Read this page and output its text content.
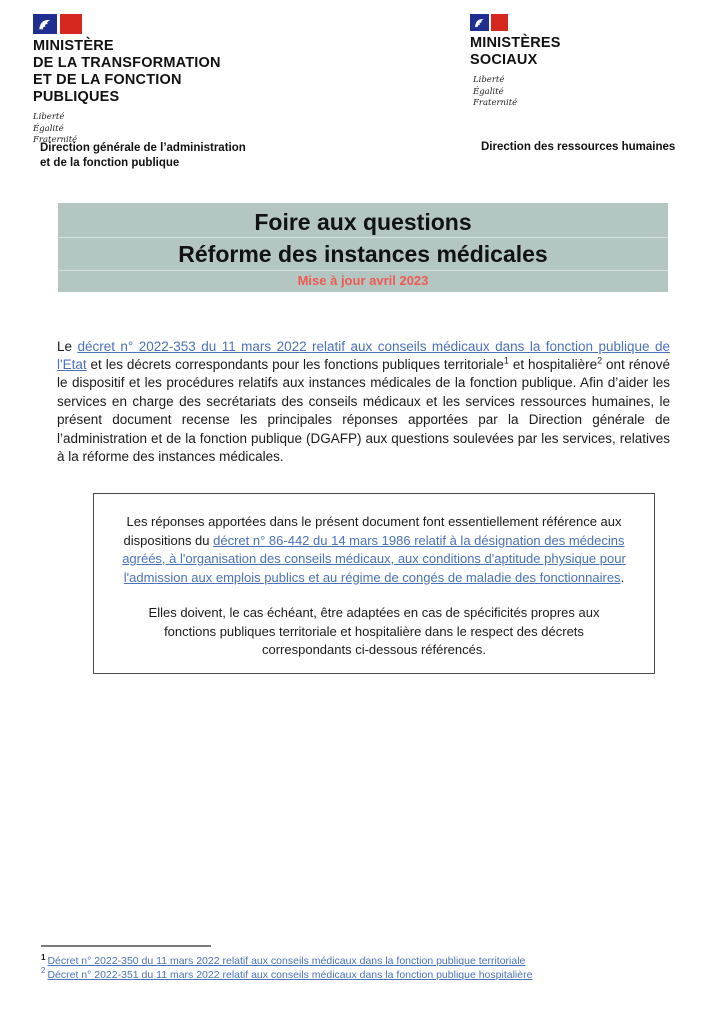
MINISTÈRE
DE LA TRANSFORMATION
ET DE LA FONCTION
PUBLIQUES
Liberté
Égalité
Fraternité
Direction générale de l’administration
et de la fonction publique
MINISTÈRES
SOCIAUX
Liberté
Égalité
Fraternité
Direction des ressources humaines
Foire aux questions
Réforme des instances médicales
Mise à jour avril 2023

Le décret n° 2022-353 du 11 mars 2022 relatif aux conseils médicaux dans la fonction publique de l'Etat et les décrets correspondants pour les fonctions publiques territoriale$^1$ et hospitalière$^2$ ont rénové le dispositif et les procédures relatifs aux instances médicales de la fonction publique. Afin d’aider les services en charge des secrétariats des conseils médicaux et les services ressources humaines, le présent document recense les principales réponses apportées par la Direction générale de l’administration et de la fonction publique (DGAFP) aux questions soulevées par les services, relatives à la réforme des instances médicales.

Les réponses apportées dans le présent document font essentiellement référence aux dispositions du décret n° 86-442 du 14 mars 1986 relatif à la désignation des médecins agréés, à l'organisation des conseils médicaux, aux conditions d'aptitude physique pour l'admission aux emplois publics et au régime de congés de maladie des fonctionnaires.
Elles doivent, le cas échéant, être adaptées en cas de spécificités propres aux fonctions publiques territoriale et hospitalière dans le respect des décrets correspondants ci-dessous référencés.
$^1$ Décret n° 2022-350 du 11 mars 2022 relatif aux conseils médicaux dans la fonction publique territoriale
$^2$ Décret n° 2022-351 du 11 mars 2022 relatif aux conseils médicaux dans la fonction publique hospitalière
